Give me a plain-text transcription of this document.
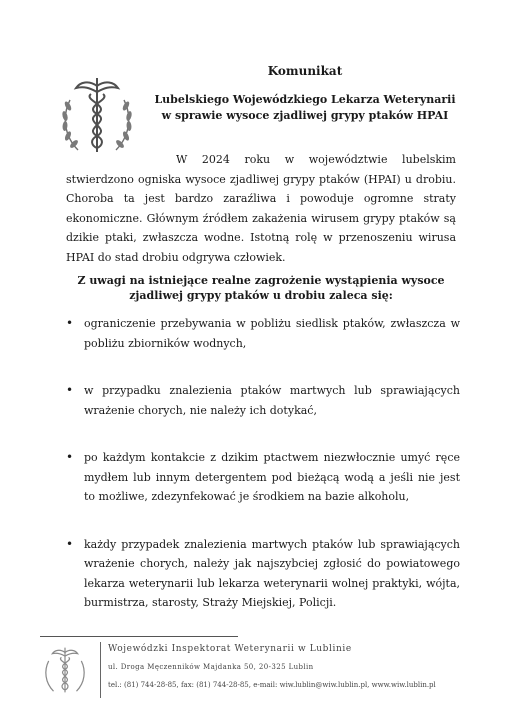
Komunikat
Lubelskiego Wojewódzkiego Lekarza Weterynarii
w sprawie wysoce zjadliwej grypy ptaków HPAI
W 2024 roku w województwie lubelskim stwierdzono ogniska wysoce zjadliwej grypy ptaków (HPAI) u drobiu. Choroba ta jest bardzo zaraźliwa i powoduje ogromne straty ekonomiczne. Głównym źródłem zakażenia wirusem grypy ptaków są dzikie ptaki, zwłaszcza wodne. Istotną rolę w przenoszeniu wirusa HPAI do stad drobiu odgrywa człowiek.
Z uwagi na istniejące realne zagrożenie wystąpienia wysoce
zjadliwej grypy ptaków u drobiu zaleca się:
• ograniczenie przebywania w pobliżu siedlisk ptaków, zwłaszcza w pobliżu zbiorników wodnych,
• w przypadku znalezienia ptaków martwych lub sprawiających wrażenie chorych, nie należy ich dotykać,
• po każdym kontakcie z dzikim ptactwem niezwłocznie umyć ręce mydłem lub innym detergentem pod bieżącą wodą a jeśli nie jest to możliwe, zdezynfekować je środkiem na bazie alkoholu,
• każdy przypadek znalezienia martwych ptaków lub sprawiających wrażenie chorych, należy jak najszybciej zgłosić do powiatowego lekarza weterynarii lub lekarza weterynarii wolnej praktyki, wójta, burmistrza, starosty, Straży Miejskiej, Policji.
Wojewódzki Inspektorat Weterynarii w Lublinie
ul. Droga Męczenników Majdanka 50, 20-325 Lublin
tel.: (81) 744-28-85, fax: (81) 744-28-85, e-mail: wiw.lublin@wiw.lublin.pl, www.wiw.lublin.pl
